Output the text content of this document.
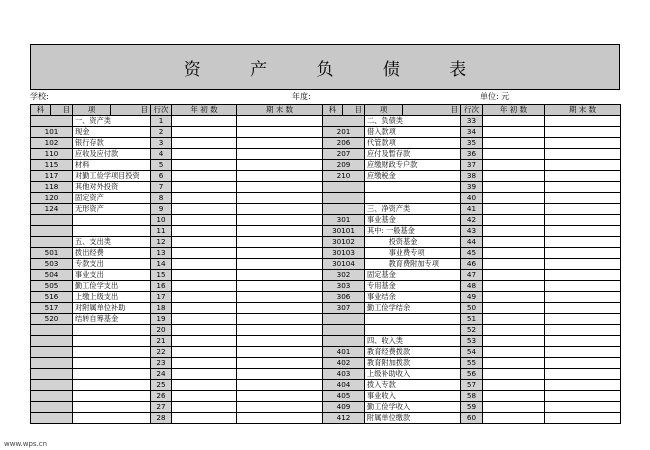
资 产 负 债 表
学校:	年度:	单位: 元
科	目	项	目	行次	年 初 数	期 末 数	科	目	项	目	行次	年 初 数	期 末 数
		一、资产类		1					二、负债类		33		
101		现金		2			201		借入款项		34		
102		银行存款		3			206		代管款项		35		
110		应收及应付款		4			207		应付及暂存款		36		
115		材料		5			209		应缴财政专户款		37		
117		对勤工俭学项目投资		6			210		应缴税金		38		
118		其他对外投资		7							39		
120		固定资产		8							40		
124		无形资产		9					三、净资产类		41		
				10			301		事业基金		42		
				11			30101		其中: 一般基金		43		
		五、支出类		12			30102		　　　投资基金		44		
501		拨出经费		13			30103		　　　事业费专项		45		
503		专款支出		14			30104		　　　教育费附加专项		46		
504		事业支出		15			302		固定基金		47		
505		勤工俭学支出		16			303		专用基金		48		
516		上缴上级支出		17			306		事业结余		49		
517		对附属单位补助		18			307		勤工俭学结余		50		
520		结转自筹基金		19							51		
				20							52		
				21					四、收入类		53		
				22			401		教育经费拨款		54		
				23			402		教育附加拨款		55		
				24			403		上级补助收入		56		
				25			404		拨入专款		57		
				26			405		事业收入		58		
				27			409		勤工俭学收入		59		
				28			412		附属单位缴款		60		
www.wps.cn
